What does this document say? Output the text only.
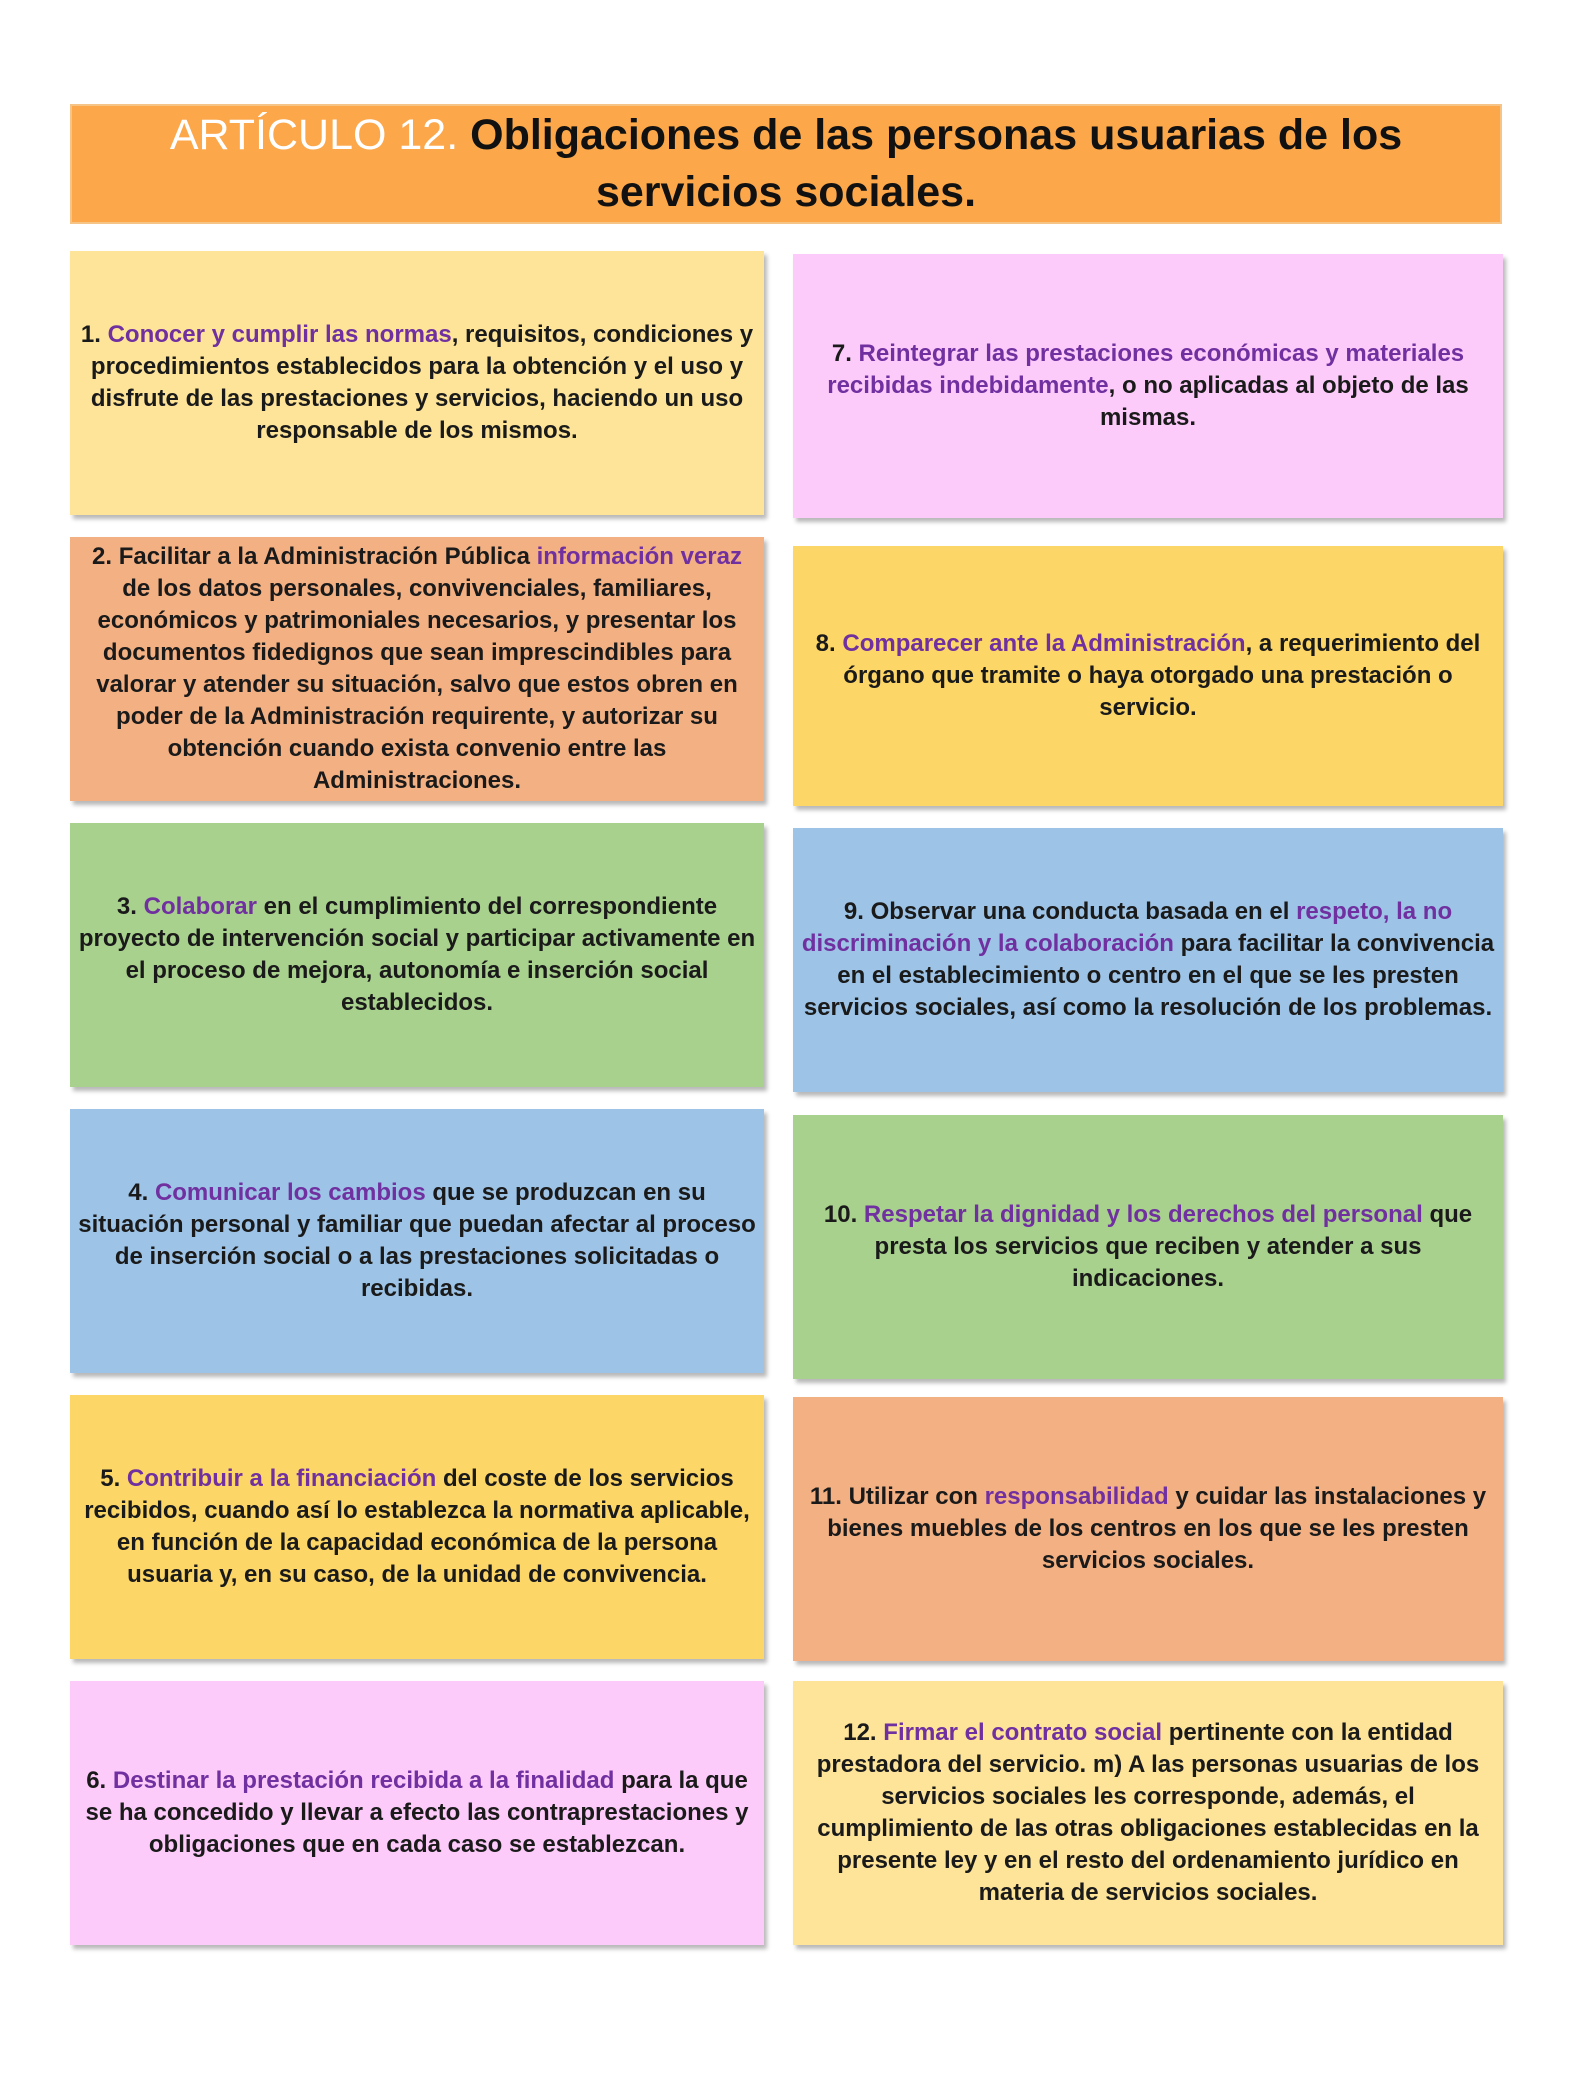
ARTÍCULO 12. Obligaciones de las personas usuarias de los servicios sociales.

1. Conocer y cumplir las normas, requisitos, condiciones y procedimientos establecidos para la obtención y el uso y disfrute de las prestaciones y servicios, haciendo un uso responsable de los mismos.

2. Facilitar a la Administración Pública información veraz de los datos personales, convivenciales, familiares, económicos y patrimoniales necesarios, y presentar los documentos fidedignos que sean imprescindibles para valorar y atender su situación, salvo que estos obren en poder de la Administración requirente, y autorizar su obtención cuando exista convenio entre las Administraciones.

3. Colaborar en el cumplimiento del correspondiente proyecto de intervención social y participar activamente en el proceso de mejora, autonomía e inserción social establecidos.

4. Comunicar los cambios que se produzcan en su situación personal y familiar que puedan afectar al proceso de inserción social o a las prestaciones solicitadas o recibidas.

5. Contribuir a la financiación del coste de los servicios recibidos, cuando así lo establezca la normativa aplicable, en función de la capacidad económica de la persona usuaria y, en su caso, de la unidad de convivencia.

6. Destinar la prestación recibida a la finalidad para la que se ha concedido y llevar a efecto las contraprestaciones y obligaciones que en cada caso se establezcan.

7. Reintegrar las prestaciones económicas y materiales recibidas indebidamente, o no aplicadas al objeto de las mismas.

8. Comparecer ante la Administración, a requerimiento del órgano que tramite o haya otorgado una prestación o servicio.

9. Observar una conducta basada en el respeto, la no discriminación y la colaboración para facilitar la convivencia en el establecimiento o centro en el que se les presten servicios sociales, así como la resolución de los problemas.

10. Respetar la dignidad y los derechos del personal que presta los servicios que reciben y atender a sus indicaciones.

11. Utilizar con responsabilidad y cuidar las instalaciones y bienes muebles de los centros en los que se les presten servicios sociales.

12. Firmar el contrato social pertinente con la entidad prestadora del servicio. m) A las personas usuarias de los servicios sociales les corresponde, además, el cumplimiento de las otras obligaciones establecidas en la presente ley y en el resto del ordenamiento jurídico en materia de servicios sociales.
